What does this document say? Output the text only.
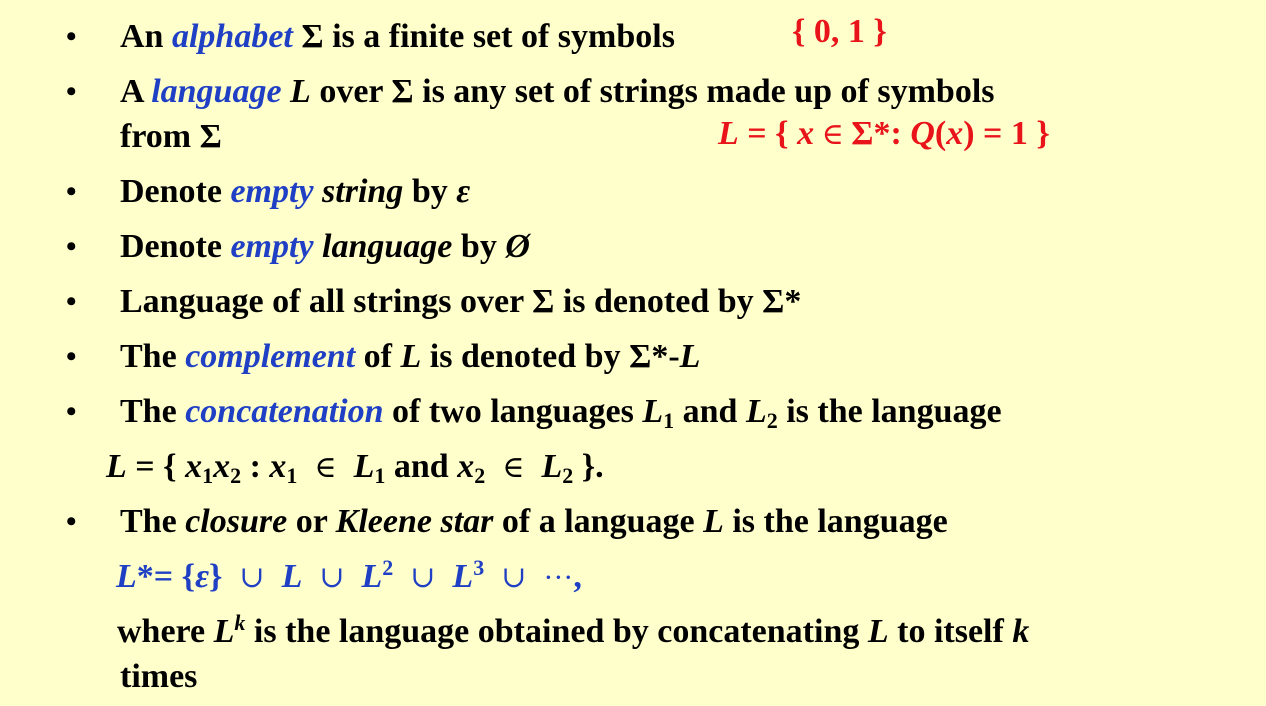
• An alphabet Σ is a finite set of symbols	{ 0, 1 }
• A language L over Σ is any set of strings made up of symbols
from Σ	L = { x ∈ Σ*: Q(x) = 1 }
• Denote empty string by ε
• Denote empty language by Ø
• Language of all strings over Σ is denoted by Σ*
• The complement of L is denoted by Σ*-L
• The concatenation of two languages $L_1$ and $L_2$ is the language
L = { $x_1x_2$ : $x_1$ ∈ $L_1$ and $x_2$ ∈ $L_2$ }.
• The closure or Kleene star of a language L is the language
L*= {ε} ∪ L ∪ $L^2$ ∪ $L^3$ ∪ ···,
where $L^k$ is the language obtained by concatenating L to itself k
times
